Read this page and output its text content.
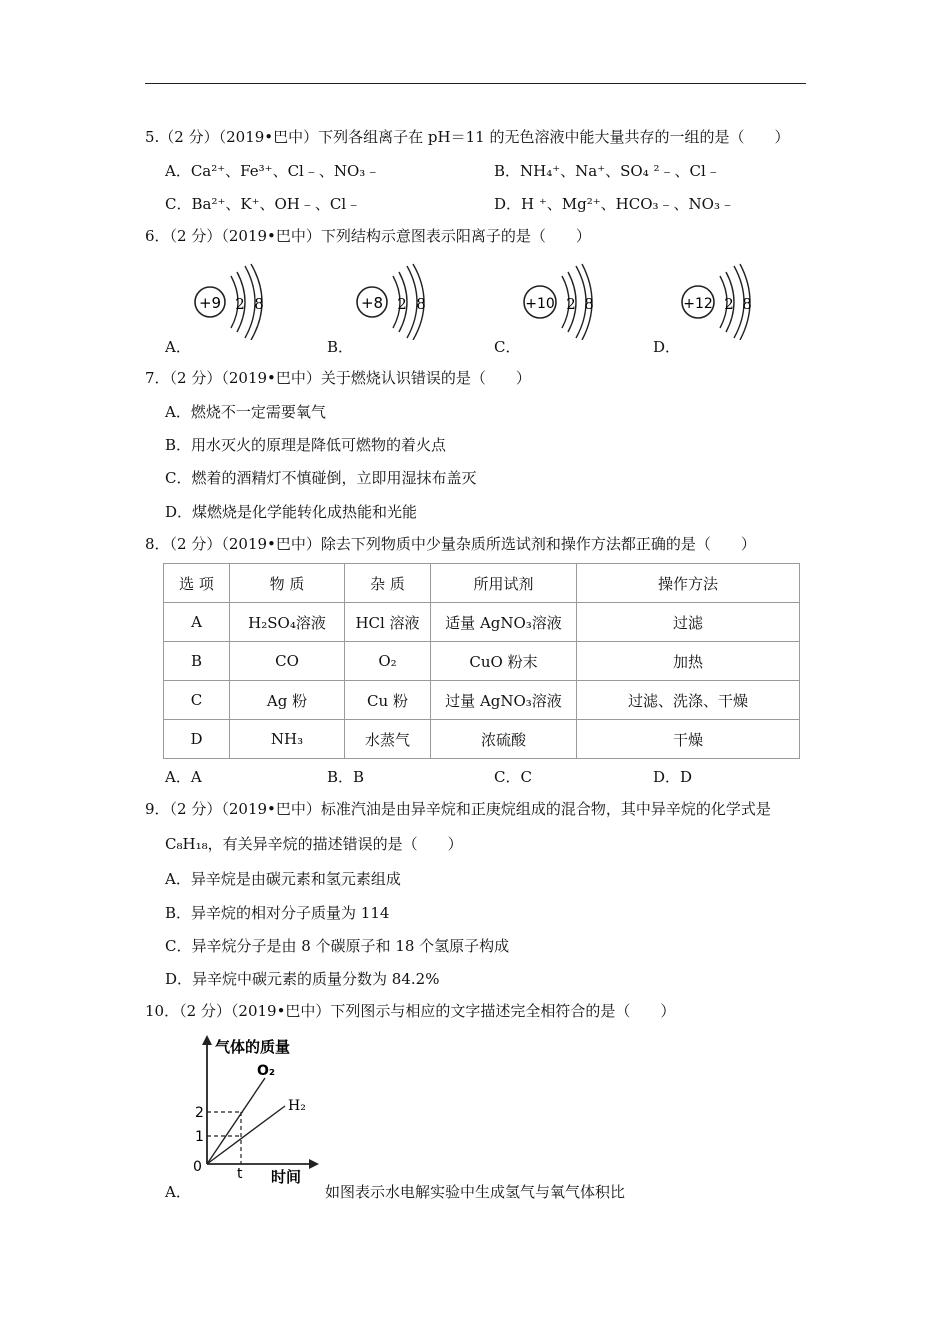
5.（2 分）（2019•巴中）下列各组离子在 pH＝11 的无色溶液中能大量共存的一组的是（　　）
A．Ca²⁺、Fe³⁺、Cl﹣、NO₃﹣	B．NH₄⁺、Na⁺、SO₄ ²﹣、Cl﹣
C．Ba²⁺、K⁺、OH﹣、Cl﹣	D．H ⁺、Mg²⁺、HCO₃﹣、NO₃﹣
6．（2 分）（2019•巴中）下列结构示意图表示阳离子的是（　　）
+9 2 8
A．
+8 2 8
B．
+10 2 8
C．
+12 2 8
D．
7．（2 分）（2019•巴中）关于燃烧认识错误的是（　　）
A．燃烧不一定需要氧气
B．用水灭火的原理是降低可燃物的着火点
C．燃着的酒精灯不慎碰倒，立即用湿抹布盖灭
D．煤燃烧是化学能转化成热能和光能
8．（2 分）（2019•巴中）除去下列物质中少量杂质所选试剂和操作方法都正确的是（　　）
选 项	物 质	杂 质	所用试剂	操作方法
A	H₂SO₄溶液	HCl 溶液	适量 AgNO₃溶液	过滤
B	CO	O₂	CuO 粉末	加热
C	Ag 粉	Cu 粉	过量 AgNO₃溶液	过滤、洗涤、干燥
D	NH₃	水蒸气	浓硫酸	干燥
A．A	B．B	C．C	D．D
9．（2 分）（2019•巴中）标准汽油是由异辛烷和正庚烷组成的混合物，其中异辛烷的化学式是
C₈H₁₈，有关异辛烷的描述错误的是（　　）
A．异辛烷是由碳元素和氢元素组成
B．异辛烷的相对分子质量为 114
C．异辛烷分子是由 8 个碳原子和 18 个氢原子构成
D．异辛烷中碳元素的质量分数为 84.2%
10．（2 分）（2019•巴中）下列图示与相应的文字描述完全相符合的是（　　）
气体的质量
O₂
H₂
2
1
0	t 时间
A．	如图表示水电解实验中生成氢气与氧气体积比
